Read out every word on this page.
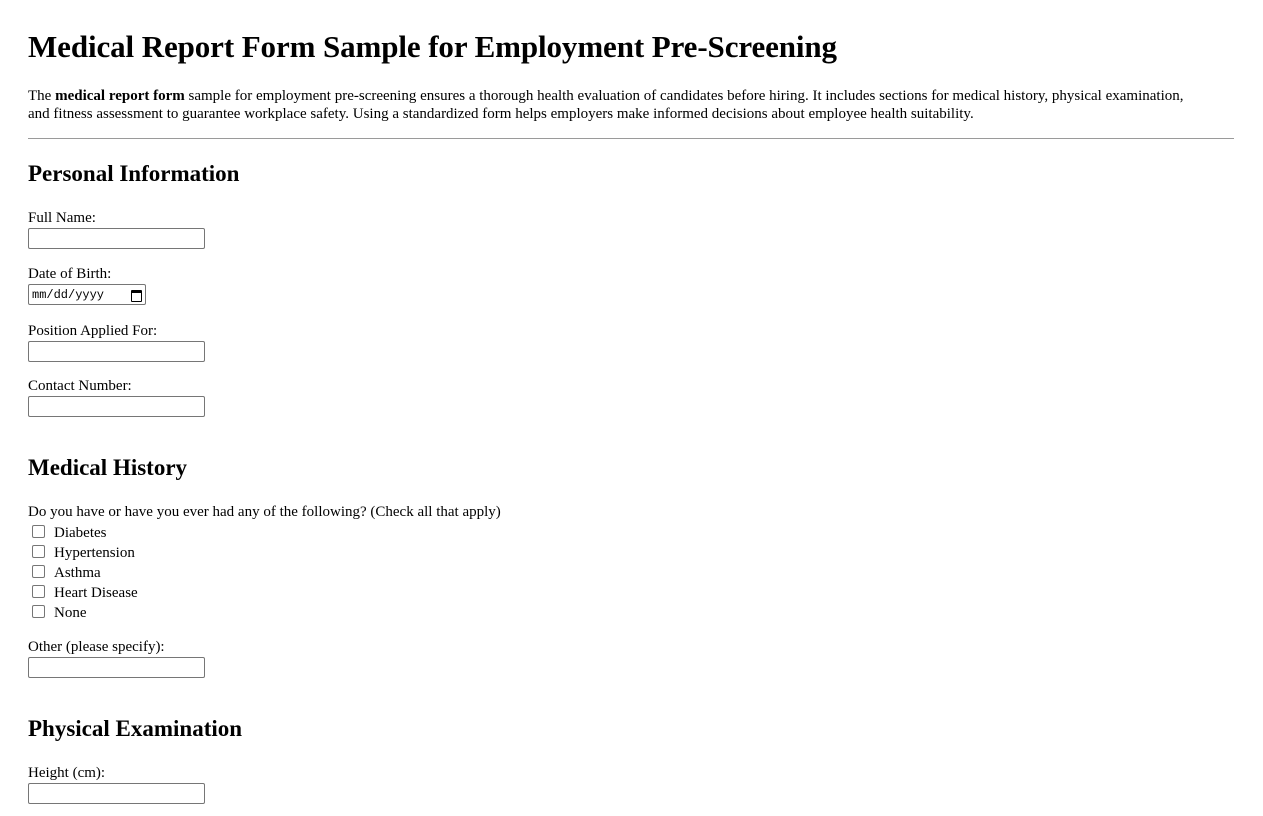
Medical Report Form Sample for Employment Pre-Screening

The medical report form sample for employment pre-screening ensures a thorough health evaluation of candidates before hiring. It includes sections for medical history, physical examination, and fitness assessment to guarantee workplace safety. Using a standardized form helps employers make informed decisions about employee health suitability.

Personal Information
Full Name:
Date of Birth:
mm/dd/yyyy
Position Applied For:
Contact Number:
Medical History
Do you have or have you ever had any of the following? (Check all that apply)
Diabetes
Hypertension
Asthma
Heart Disease
None
Other (please specify):
Physical Examination
Height (cm):
